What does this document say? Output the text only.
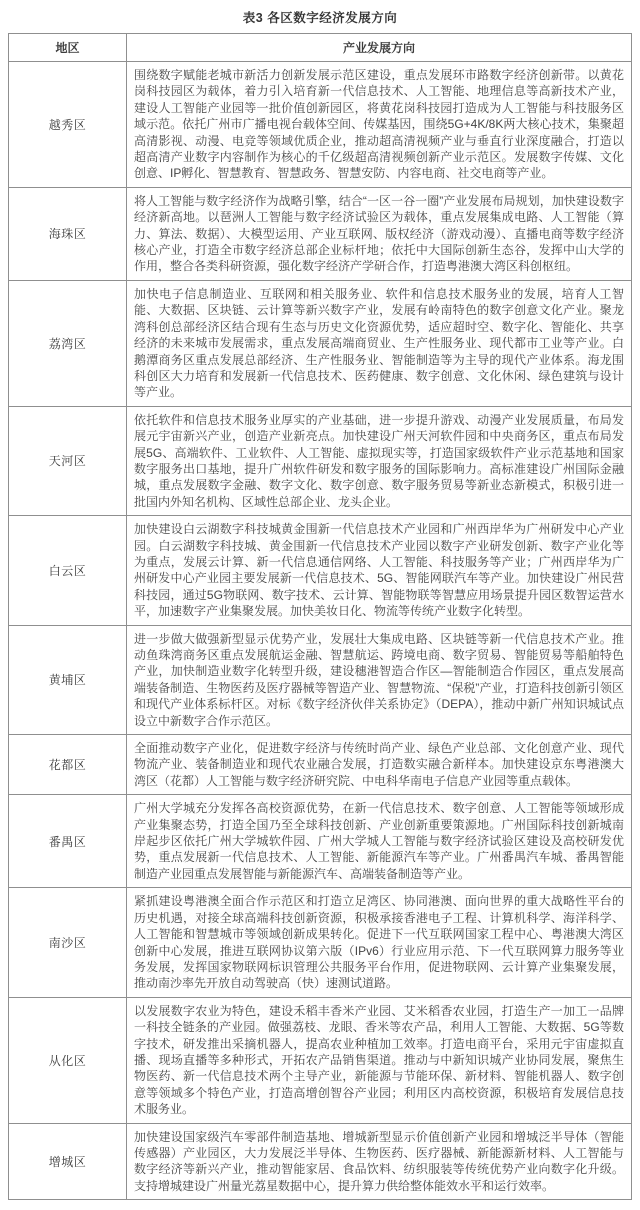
表3 各区数字经济发展方向
地区	产业发展方向
越秀区	围绕数字赋能老城市新活力创新发展示范区建设，重点发展环市路数字经济创新带。以黄花岗科技园区为载体，着力引入培育新一代信息技术、人工智能、地理信息等高新技术产业，建设人工智能产业园等一批价值创新园区，将黄花岗科技园打造成为人工智能与科技服务区域示范。依托广州市广播电视台载体空间、传媒基因，围绕5G+4K/8K两大核心技术，集聚超高清影视、动漫、电竞等领域优质企业，推动超高清视频产业与垂直行业深度融合，打造以超高清产业数字内容制作为核心的千亿级超高清视频创新产业示范区。发展数字传媒、文化创意、IP孵化、智慧教育、智慧政务、智慧安防、内容电商、社交电商等产业。
海珠区	将人工智能与数字经济作为战略引擎，结合“一区一谷一圈”产业发展布局规划，加快建设数字经济新高地。以琶洲人工智能与数字经济试验区为载体，重点发展集成电路、人工智能（算力、算法、数据）、大模型运用、产业互联网、版权经济（游戏动漫）、直播电商等数字经济核心产业，打造全市数字经济总部企业标杆地；依托中大国际创新生态谷，发挥中山大学的作用，整合各类科研资源，强化数字经济产学研合作，打造粤港澳大湾区科创枢纽。
荔湾区	加快电子信息制造业、互联网和相关服务业、软件和信息技术服务业的发展，培育人工智能、大数据、区块链、云计算等新兴数字产业，发展有岭南特色的数字创意文化产业。聚龙湾科创总部经济区结合现有生态与历史文化资源优势，适应超时空、数字化、智能化、共享经济的未来城市发展需求，重点发展高端商贸业、生产性服务业、现代都市工业等产业。白鹅潭商务区重点发展总部经济、生产性服务业、智能制造等为主导的现代产业体系。海龙围科创区大力培育和发展新一代信息技术、医药健康、数字创意、文化休闲、绿色建筑与设计等产业。
天河区	依托软件和信息技术服务业厚实的产业基础，进一步提升游戏、动漫产业发展质量，布局发展元宇宙新兴产业，创造产业新亮点。加快建设广州天河软件园和中央商务区，重点布局发展5G、高端软件、工业软件、人工智能、虚拟现实等，打造国家级软件产业示范基地和国家数字服务出口基地，提升广州软件研发和数字服务的国际影响力。高标准建设广州国际金融城，重点发展数字金融、数字文化、数字创意、数字服务贸易等新业态新模式，积极引进一批国内外知名机构、区域性总部企业、龙头企业。
白云区	加快建设白云湖数字科技城黄金围新一代信息技术产业园和广州西岸华为广州研发中心产业园。白云湖数字科技城、黄金围新一代信息技术产业园以数字产业研发创新、数字产业化等为重点，发展云计算、新一代信息通信网络、人工智能、科技服务等产业；广州西岸华为广州研发中心产业园主要发展新一代信息技术、5G、智能网联汽车等产业。加快建设广州民营科技园，通过5G物联网、数字技术、云计算、智能物联等智慧应用场景提升园区数智运营水平，加速数字产业集聚发展。加快美妆日化、物流等传统产业数字化转型。
黄埔区	进一步做大做强新型显示优势产业，发展壮大集成电路、区块链等新一代信息技术产业。推动鱼珠湾商务区重点发展航运金融、智慧航运、跨境电商、数字贸易、智能贸易等船舶特色产业，加快制造业数字化转型升级，建设穗港智造合作区—智能制造合作园区，重点发展高端装备制造、生物医药及医疗器械等智造产业、智慧物流、“保税”产业，打造科技创新引领区和现代产业体系标杆区。对标《数字经济伙伴关系协定》（DEPA），推动中新广州知识城试点设立中新数字合作示范区。
花都区	全面推动数字产业化，促进数字经济与传统时尚产业、绿色产业总部、文化创意产业、现代物流产业、装备制造业和现代农业融合发展，打造数实融合新样本。加快建设京东粤港澳大湾区（花都）人工智能与数字经济研究院、中电科华南电子信息产业园等重点载体。
番禺区	广州大学城充分发挥各高校资源优势，在新一代信息技术、数字创意、人工智能等领域形成产业集聚态势，打造全国乃至全球科技创新、产业创新重要策源地。广州国际科技创新城南岸起步区依托广州大学城软件园、广州大学城人工智能与数字经济试验区建设及高校研发优势，重点发展新一代信息技术、人工智能、新能源汽车等产业。广州番禺汽车城、番禺智能制造产业园重点发展智能与新能源汽车、高端装备制造等产业。
南沙区	紧抓建设粤港澳全面合作示范区和打造立足湾区、协同港澳、面向世界的重大战略性平台的历史机遇，对接全球高端科技创新资源，积极承接香港电子工程、计算机科学、海洋科学、人工智能和智慧城市等领域创新成果转化。促进下一代互联网国家工程中心、粤港澳大湾区创新中心发展，推进互联网协议第六版（IPv6）行业应用示范、下一代互联网算力服务等业务发展，发挥国家物联网标识管理公共服务平台作用，促进物联网、云计算产业集聚发展，推动南沙率先开放自动驾驶高（快）速测试道路。
从化区	以发展数字农业为特色，建设禾稻丰香米产业园、艾米稻香农业园，打造生产一加工一品牌一科技全链条的产业园。做强荔枝、龙眼、香米等农产品，利用人工智能、大数据、5G等数字技术，研发推出采摘机器人，提高农业种植加工效率。打造电商平台，采用元宇宙虚拟直播、现场直播等多种形式，开拓农产品销售渠道。推动与中新知识城产业协同发展，聚焦生物医药、新一代信息技术两个主导产业，新能源与节能环保、新材料、智能机器人、数字创意等领域多个特色产业，打造高增创智谷产业园；利用区内高校资源，积极培育发展信息技术服务业。
增城区	加快建设国家级汽车零部件制造基地、增城新型显示价值创新产业园和增城泛半导体（智能传感器）产业园区，大力发展泛半导体、生物医药、医疗器械、新能源新材料、人工智能与数字经济等新兴产业，推动智能家居、食品饮料、纺织服装等传统优势产业向数字化升级。支持增城建设广州量光荔星数据中心，提升算力供给整体能效水平和运行效率。
